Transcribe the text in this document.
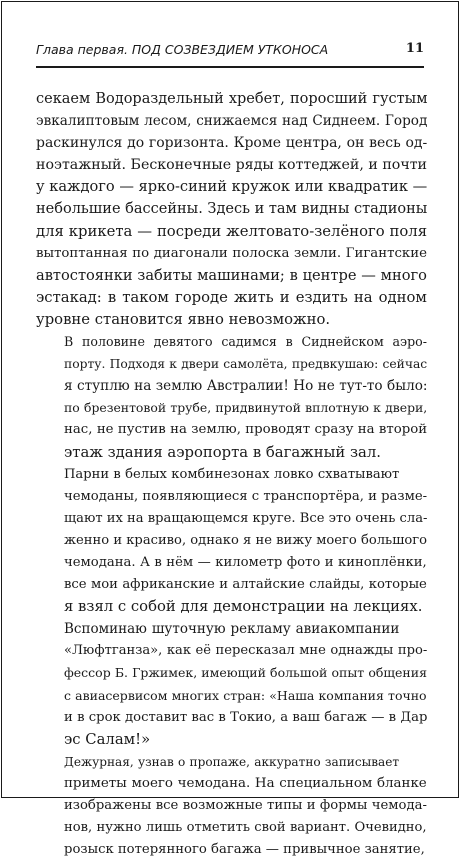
Глава первая. ПОД СОЗВЕЗДИЕМ УТКОНОСА	11

секаем Водораздельный хребет, поросший густым
эвкалиптовым лесом, снижаемся над Сиднеем. Город
раскинулся до горизонта. Кроме центра, он весь од-
ноэтажный. Бесконечные ряды коттеджей, и почти
у каждого — ярко-синий кружок или квадратик —
небольшие бассейны. Здесь и там видны стадионы
для крикета — посреди желтовато-зелёного поля
вытоптанная по диагонали полоска земли. Гигантские
автостоянки забиты машинами; в центре — много
эстакад: в таком городе жить и ездить на одном
уровне становится явно невозможно.

В половине девятого садимся в Сиднейском аэро-
порту. Подходя к двери самолёта, предвкушаю: сейчас
я ступлю на землю Австралии! Но не тут-то было:
по брезентовой трубе, придвинутой вплотную к двери,
нас, не пустив на землю, проводят сразу на второй
этаж здания аэропорта в багажный зал.

Парни в белых комбинезонах ловко схватывают
чемоданы, появляющиеся с транспортёра, и разме-
щают их на вращающемся круге. Все это очень сла-
женно и красиво, однако я не вижу моего большого
чемодана. А в нём — километр фото и киноплёнки,
все мои африканские и алтайские слайды, которые
я взял с собой для демонстрации на лекциях.

Вспоминаю шуточную рекламу авиакомпании
«Люфтганза», как её пересказал мне однажды про-
фессор Б. Гржимек, имеющий большой опыт общения
с авиасервисом многих стран: «Наша компания точно
и в срок доставит вас в Токио, а ваш багаж — в Дар
эс Салам!»

Дежурная, узнав о пропаже, аккуратно записывает
приметы моего чемодана. На специальном бланке
изображены все возможные типы и формы чемода-
нов, нужно лишь отметить свой вариант. Очевидно,
розыск потерянного багажа — привычное занятие,
